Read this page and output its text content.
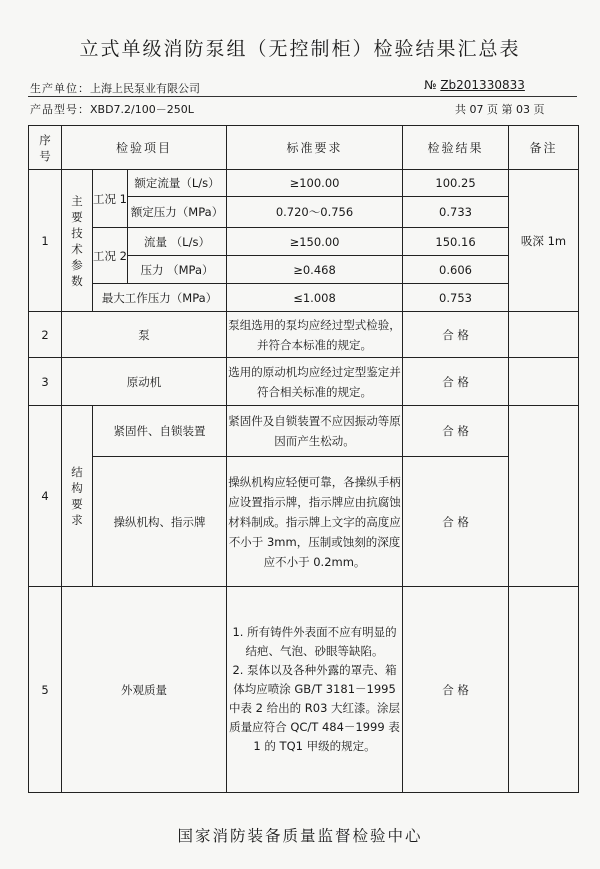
立式单级消防泵组（无控制柜）检验结果汇总表
生产单位：上海上民泵业有限公司	№ Zb201330833
产品型号：XBD7.2/100－250L	共 07 页 第 03 页
序号	检验项目			标准要求	检验结果	备注
1	主要技术参数	工况 1	额定流量（L/s）	≥100.00	100.25	吸深 1m
			额定压力（MPa）	0.720～0.756	0.733	
		工况 2	流量 （L/s）	≥150.00	150.16	
			压力 （MPa）	≥0.468	0.606	
		最大工作压力（MPa）		≤1.008	0.753	
2	泵			泵组选用的泵均应经过型式检验，并符合本标准的规定。	合 格	
3	原动机			选用的原动机均应经过定型鉴定并符合相关标准的规定。	合 格	
4	结构要求	紧固件、自锁装置		紧固件及自锁装置不应因振动等原因而产生松动。	合 格	
		操纵机构、指示牌		操纵机构应轻便可靠，各操纵手柄应设置指示牌，指示牌应由抗腐蚀材料制成。指示牌上文字的高度应不小于 3mm，压制或蚀刻的深度应不小于 0.2mm。	合 格	
5	外观质量			1. 所有铸件外表面不应有明显的结疤、气泡、砂眼等缺陷。
2. 泵体以及各种外露的罩壳、箱体均应喷涂 GB/T 3181－1995 中表 2 给出的 R03 大红漆。涂层质量应符合 QC/T 484－1999 表 1 的 TQ1 甲级的规定。	合 格	
国家消防装备质量监督检验中心
